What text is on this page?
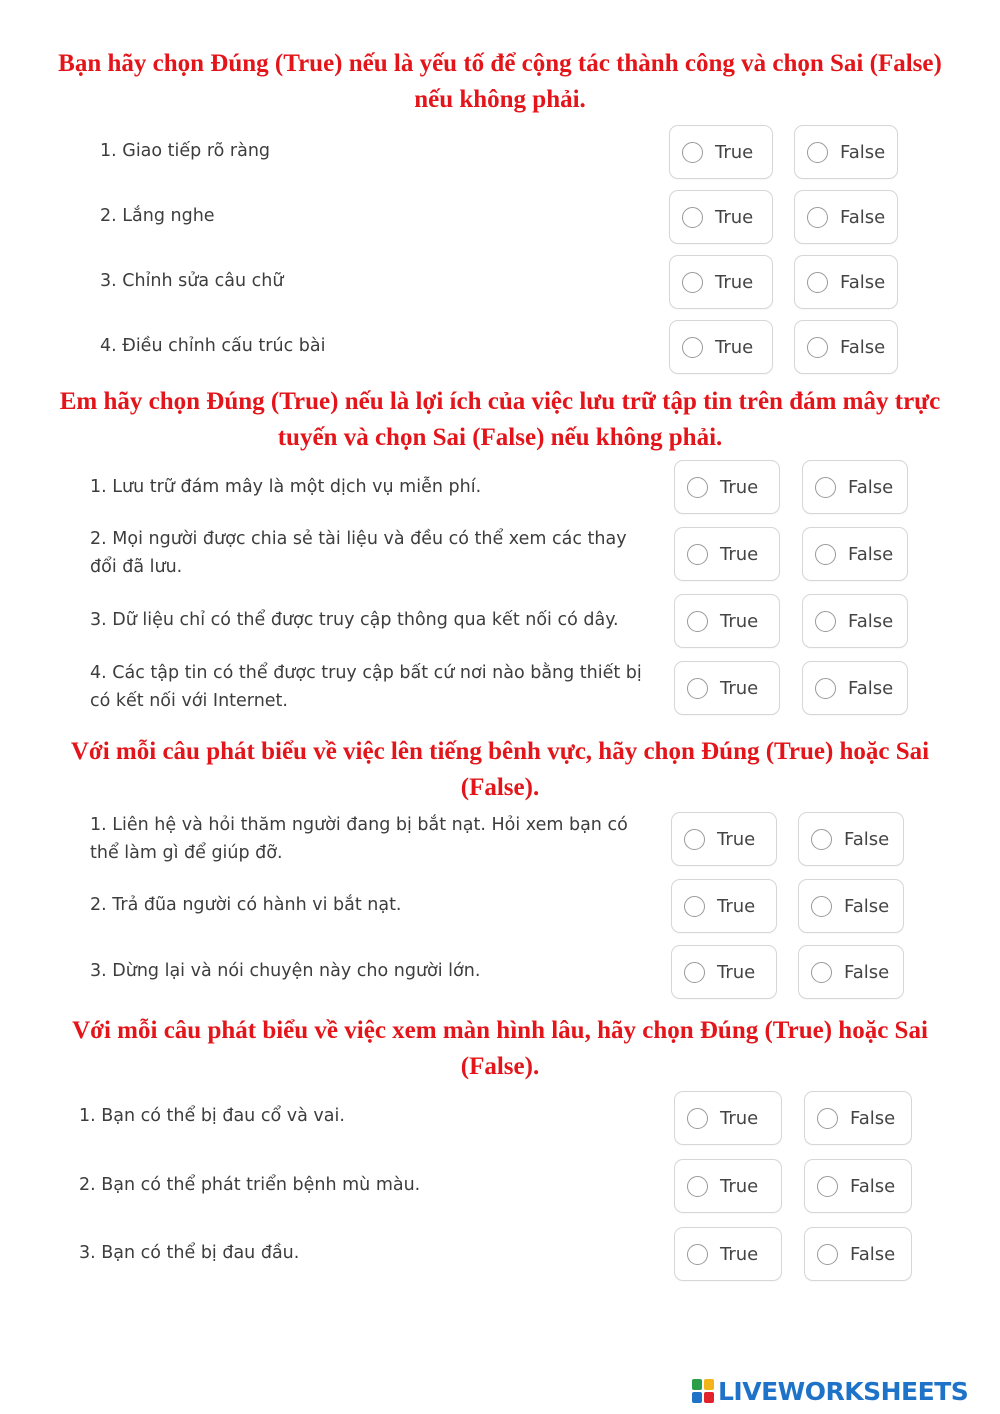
Bạn hãy chọn Đúng (True) nếu là yếu tố để cộng tác thành công và chọn Sai (False) nếu không phải.
1. Giao tiếp rõ ràng	True	False
2. Lắng nghe	True	False
3. Chỉnh sửa câu chữ	True	False
4. Điều chỉnh cấu trúc bài	True	False
Em hãy chọn Đúng (True) nếu là lợi ích của việc lưu trữ tập tin trên đám mây trực tuyến và chọn Sai (False) nếu không phải.
1. Lưu trữ đám mây là một dịch vụ miễn phí.	True	False
2. Mọi người được chia sẻ tài liệu và đều có thể xem các thay đổi đã lưu.
True	False
3. Dữ liệu chỉ có thể được truy cập thông qua kết nối có dây.	True	False
4. Các tập tin có thể được truy cập bất cứ nơi nào bằng thiết bị có kết nối với Internet.
True	False
Với mỗi câu phát biểu về việc lên tiếng bênh vực, hãy chọn Đúng (True) hoặc Sai (False).
1. Liên hệ và hỏi thăm người đang bị bắt nạt. Hỏi xem bạn có thể làm gì để giúp đỡ.
True	False
2. Trả đũa người có hành vi bắt nạt.	True	False
3. Dừng lại và nói chuyện này cho người lớn.	True	False
Với mỗi câu phát biểu về việc xem màn hình lâu, hãy chọn Đúng (True) hoặc Sai (False).
1. Bạn có thể bị đau cổ và vai.	True	False
2. Bạn có thể phát triển bệnh mù màu.	True	False
3. Bạn có thể bị đau đầu.	True	False
LIVEWORKSHEETS
